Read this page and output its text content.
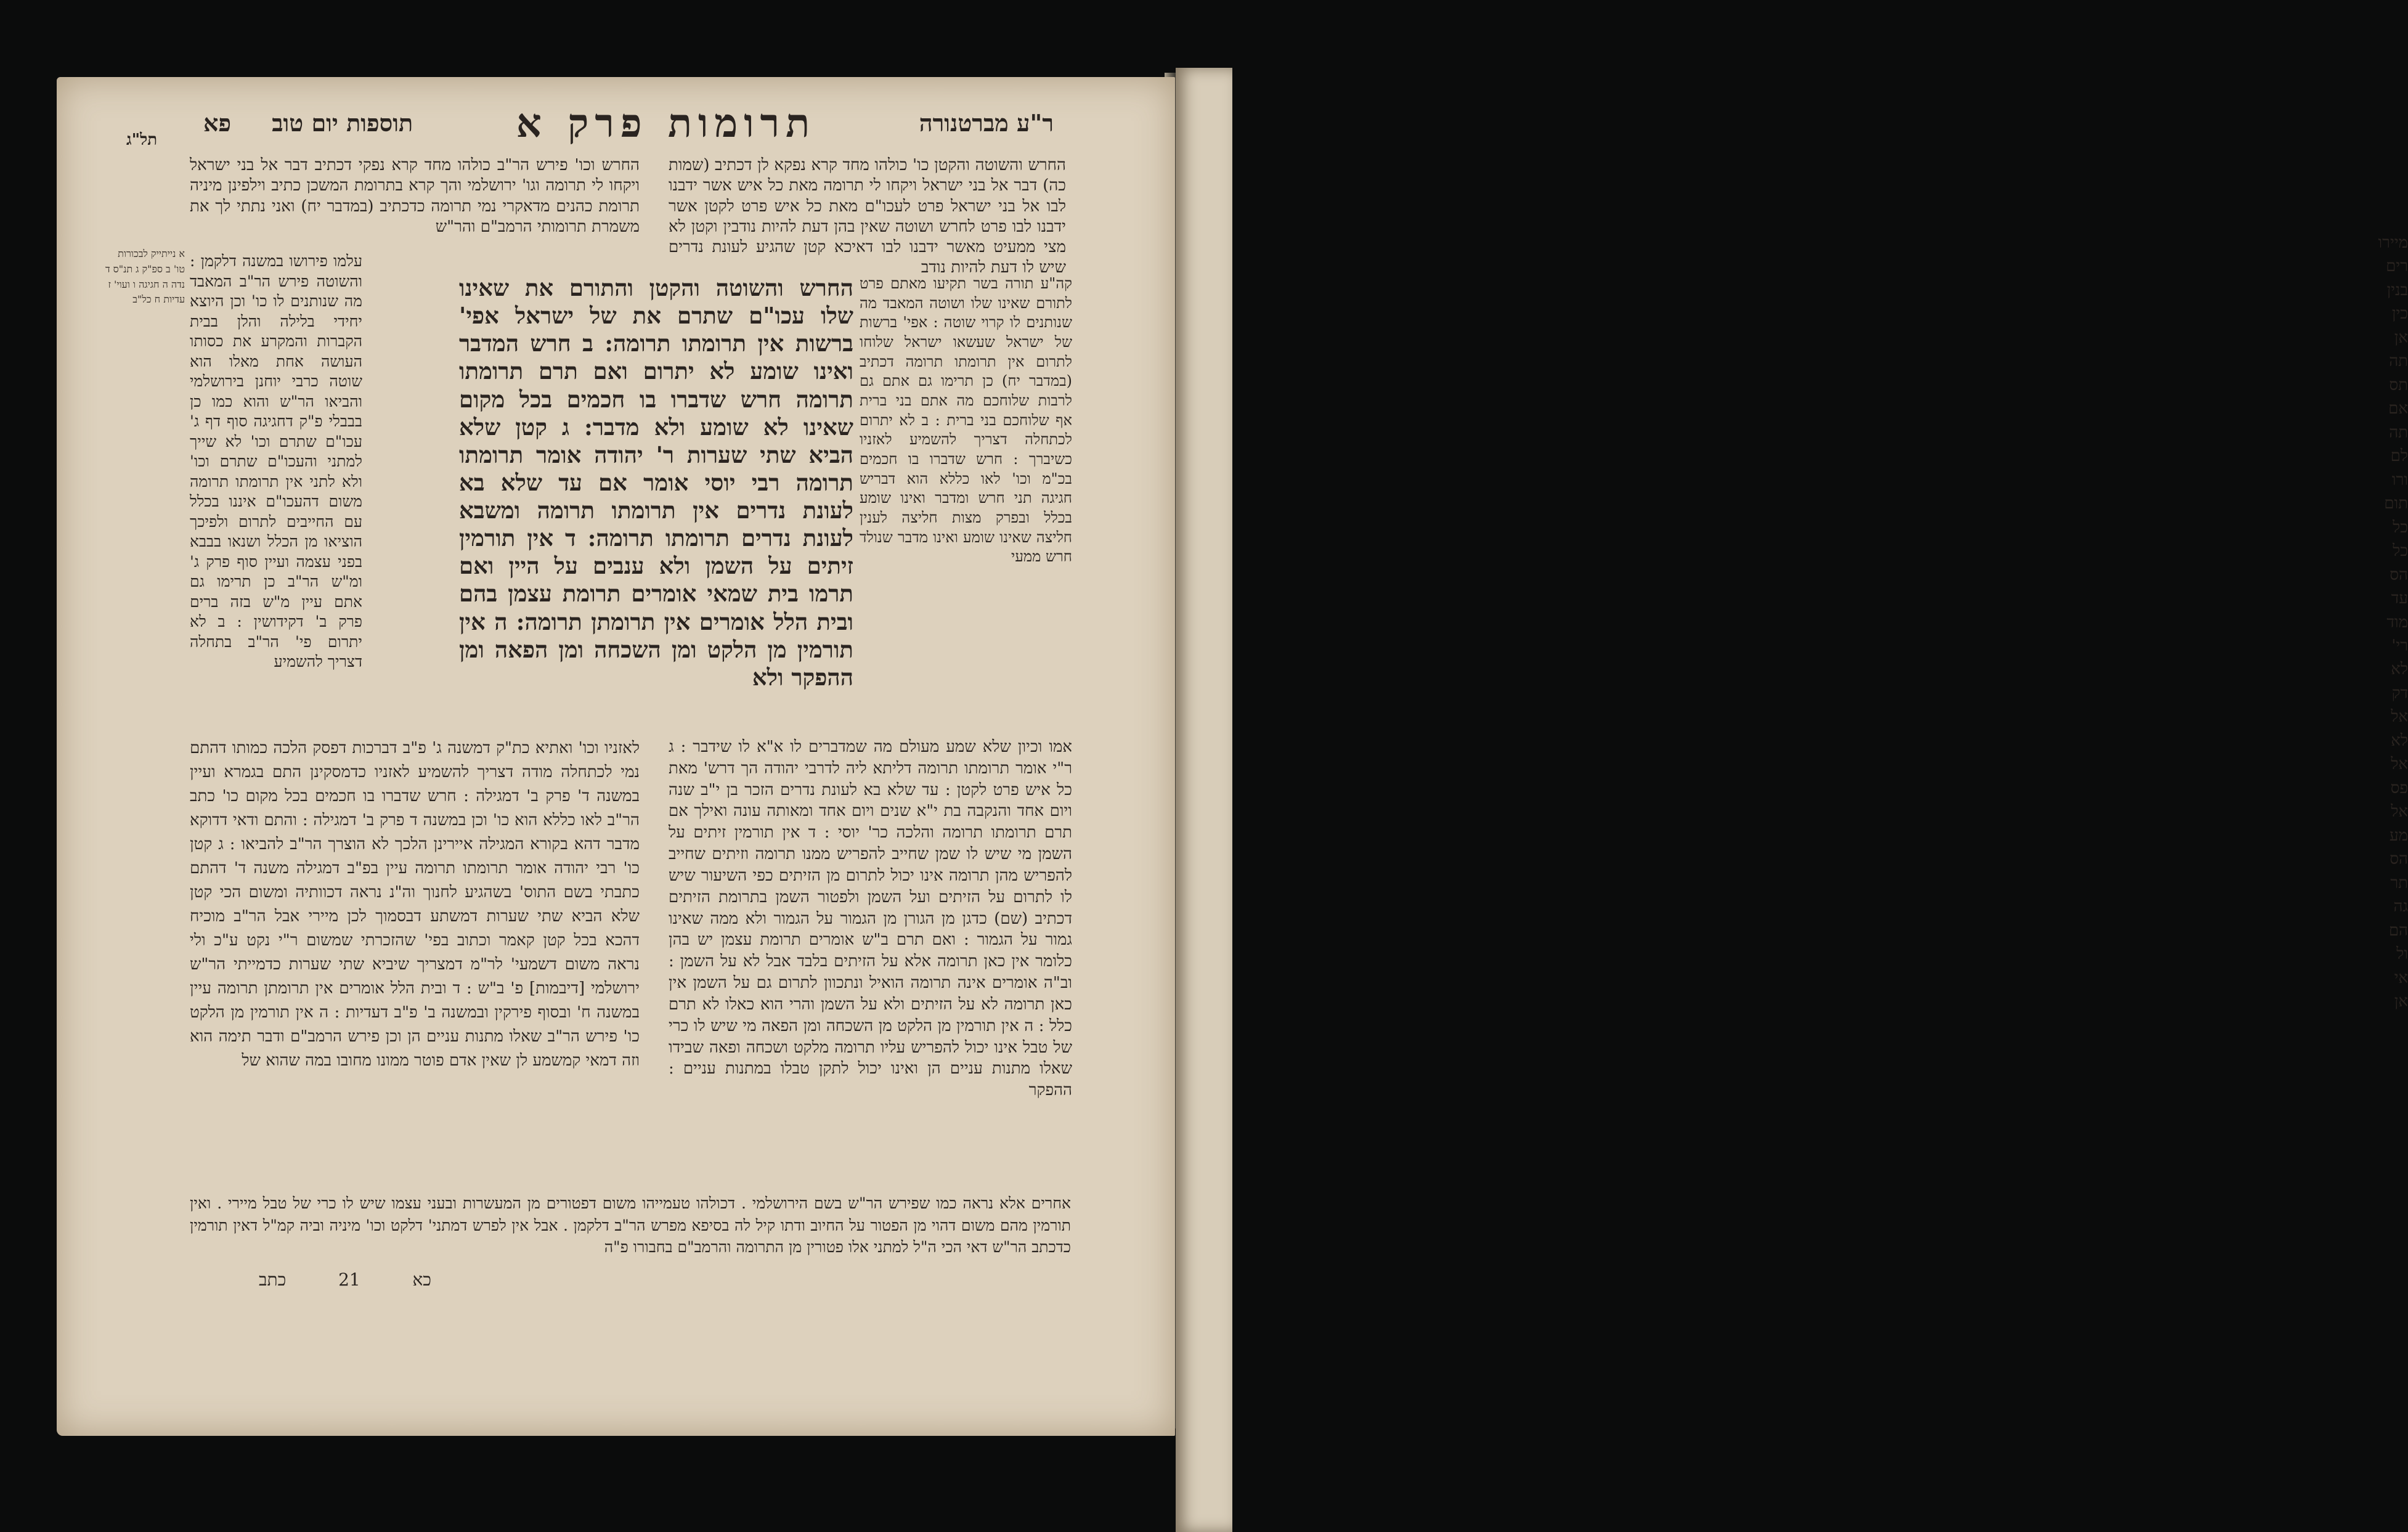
מיירו רים בנין כין אן תה תס אם תה לם ורו תום כל כל הס עד מוד רי' לא דק אל לא אל פס אל מע הס תר גה הם ול אי אן
ר"ע מברטנורה
תרומות פרק א
תוספות יום טוב     פא
תל"ג
החרש והשוטה והקטן כו' כולהו מחד קרא נפקא לן דכתיב (שמות כה) דבר אל בני ישראל ויקחו לי תרומה מאת כל איש אשר ידבנו לבו אל בני ישראל פרט לעכו"ם מאת כל איש פרט לקטן אשר ידבנו לבו פרט לחרש ושוטה שאין בהן דעת להיות נודבין וקטן לא מצי ממעיט מאשר ידבנו לבו דאיכא קטן שהגיע לעונת נדרים שיש לו דעת להיות נודב
החרש וכו' פירש הר"ב כולהו מחד קרא נפקי דכתיב דבר אל בני ישראל ויקחו לי תרומה וגו' ירושלמי והך קרא בתרומת המשכן כתיב וילפינן מיניה תרומת כהנים מדאקרי נמי תרומה כדכתיב (במדבר יח) ואני נתתי לך את משמרת תרומותי הרמב"ם והר"ש
א נייתייק לבכורות טו' ב ספ"ק ג תנ"ס ד נדה ה חגיגה ו ועוי' ז עדיות ח כל"ב
עלמו פירושו במשנה דלקמן : והשוטה פירש הר"ב המאבד מה שנותנים לו כו' וכן היוצא יחידי בלילה והלן בבית הקברות והמקרע את כסותו העושה אחת מאלו הוא שוטה כרבי יוחנן בירושלמי והביאו הר"ש והוא כמו כן בבבלי פ"ק דחגיגה סוף דף ג' עכו"ם שתרם וכו' לא שייך למתני והעכו"ם שתרם וכו' ולא לתני אין תרומתו תרומה משום דהעכו"ם איננו בכלל עם החייבים לתרום ולפיכך הוציאו מן הכלל ושנאו בבבא בפני עצמה ועיין סוף פרק ג' ומ"ש הר"ב כן תרימו גם אתם עיין מ"ש בזה ברים פרק ב' דקידושין : ב לא יתרום פי' הר"ב בתחלה דצריך להשמיע
החרש והשוטה והקטן והתורם את שאינו שלו עכו"ם שתרם את של ישראל אפי' ברשות אין תרומתו תרומה: ב חרש המדבר ואינו שומע לא יתרום ואם תרם תרומתו תרומה חרש שדברו בו חכמים בכל מקום שאינו לא שומע ולא מדבר: ג קטן שלא הביא שתי שערות ר' יהודה אומר תרומתו תרומה רבי יוסי אומר אם עד שלא בא לעונת נדרים אין תרומתו תרומה ומשבא לעונת נדרים תרומתו תרומה: ד אין תורמין זיתים על השמן ולא ענבים על היין ואם תרמו בית שמאי אומרים תרומת עצמן בהם ובית הלל אומרים אין תרומתן תרומה: ה אין תורמין מן הלקט ומן השכחה ומן הפאה ומן ההפקר ולא
קה"ע תורה בשר תקיעו מאתם פרט לתורם שאינו שלו ושוטה המאבד מה שנותנים לו קרוי שוטה : אפי' ברשות של ישראל שעשאו ישראל שלוחו לתרום אין תרומתו תרומה דכתיב (במדבר יח) כן תרימו גם אתם גם לרבות שלוחכם מה אתם בני ברית אף שלוחכם בני ברית : ב לא יתרום לכתחלה דצריך להשמיע לאזניו כשיברך : חרש שדברו בו חכמים בכ"מ וכו' לאו כללא הוא דבריש חגיגה תני חרש ומדבר ואינו שומע בכלל ובפרק מצות חליצה לענין חליצה שאינו שומע ואינו מדבר שנולד חרש ממעי
לאזניו וכו' ואתיא כת"ק דמשנה ג' פ"ב דברכות דפסק הלכה כמותו דהתם נמי לכתחלה מודה דצריך להשמיע לאזניו כדמסקינן התם בגמרא ועיין במשנה ד' פרק ב' דמגילה : חרש שדברו בו חכמים בכל מקום כו' כתב הר"ב לאו כללא הוא כו' וכן במשנה ד פרק ב' דמגילה : והתם ודאי דדוקא מדבר דהא בקורא המגילה איירינן הלכך לא הוצרך הר"ב להביאו : ג קטן כו' רבי יהודה אומר תרומתו תרומה עיין בפ"ב דמגילה משנה ד' דהתם כתבתי בשם התוס' בשהגיע לחנוך וה"נ נראה דכוותיה ומשום הכי קטן שלא הביא שתי שערות דמשתע דבסמוך לכן מיירי אבל הר"ב מוכיח דהכא בכל קטן קאמר וכתוב בפי' שהזכרתי שמשום ר"י נקט ע"כ ולי נראה משום דשמעי' לר"מ דמצריך שיביא שתי שערות כדמייתי הר"ש ירושלמי [דיבמות] פ' ב"ש : ד ובית הלל אומרים אין תרומתן תרומה עיין במשנה ח' ובסוף פירקין ובמשנה ב' פ"ב דעדיות : ה אין תורמין מן הלקט כו' פירש הר"ב שאלו מתנות עניים הן וכן פירש הרמב"ם ודבר תימה הוא וזה דמאי קמשמע לן שאין אדם פוטר ממונו מחובו במה שהוא של
אמו וכיון שלא שמע מעולם מה שמדברים לו א"א לו שידבר : ג ר"י אומר תרומתו תרומה דליתא ליה לדרבי יהודה הך דרש' מאת כל איש פרט לקטן : עד שלא בא לעונת נדרים הזכר בן י"ב שנה ויום אחד והנקבה בת י"א שנים ויום אחד ומאותה עונה ואילך אם תרם תרומתו תרומה והלכה כר' יוסי : ד אין תורמין זיתים על השמן מי שיש לו שמן שחייב להפריש ממנו תרומה וזיתים שחייב להפריש מהן תרומה אינו יכול לתרום מן הזיתים כפי השיעור שיש לו לתרום על הזיתים ועל השמן ולפטור השמן בתרומת הזיתים דכתיב (שם) כדגן מן הגורן מן הגמור על הגמור ולא ממה שאינו גמור על הגמור : ואם תרם ב"ש אומרים תרומת עצמן יש בהן כלומר אין כאן תרומה אלא על הזיתים בלבד אבל לא על השמן : וב"ה אומרים אינה תרומה הואיל ונתכוון לתרום גם על השמן אין כאן תרומה לא על הזיתים ולא על השמן והרי הוא כאלו לא תרם כלל : ה אין תורמין מן הלקט מן השכחה ומן הפאה מי שיש לו כרי של טבל אינו יכול להפריש עליו תרומה מלקט ושכחה ופאה שבידו שאלו מתנות עניים הן ואינו יכול לתקן טבלו במתנות עניים : ההפקר
אחרים אלא נראה כמו שפירש הר"ש בשם הירושלמי . דכולהו טעמייהו משום דפטורים מן המעשרות ובעני עצמו שיש לו כרי של טבל מיירי . ואין תורמין מהם משום דהוי מן הפטור על החיוב ודתו קיל לה בסיפא מפרש הר"ב דלקמן . אבל אין לפרש דמתני' דלקט וכו' מיניה וביה קמ"ל דאין תורמין כדכתב הר"ש דאי הכי ה"ל למתני אלו פטורין מן התרומה והרמב"ם בחבורו פ"ה
כא
21
כתב
